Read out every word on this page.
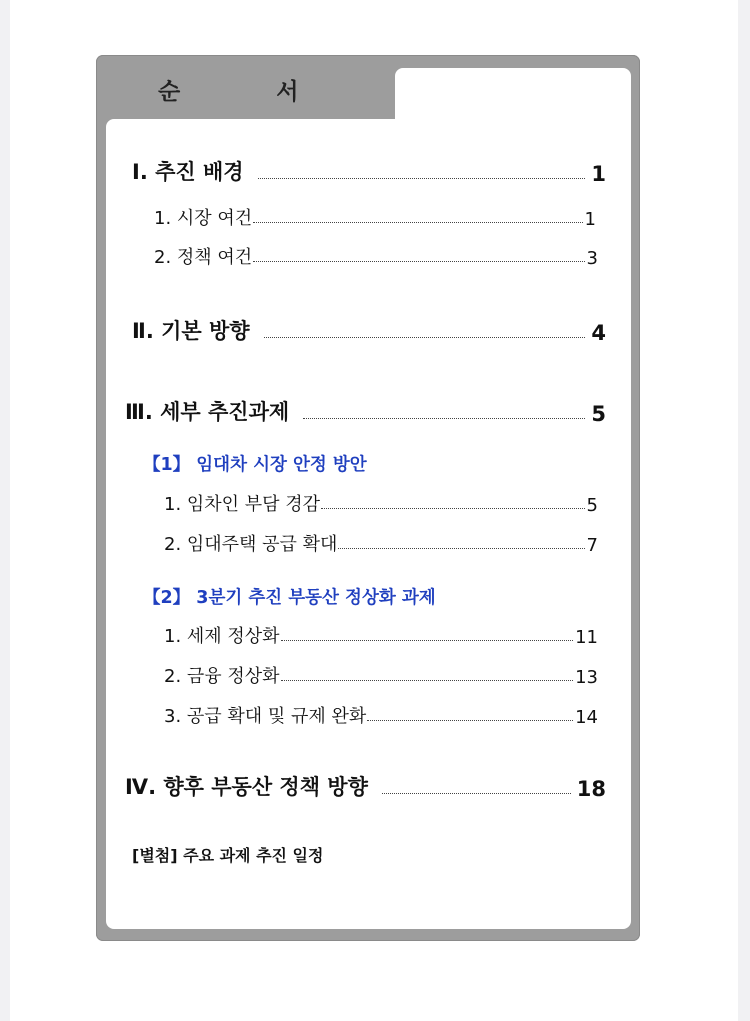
순 서
Ⅰ. 추진 배경	1
1. 시장 여건	1
2. 정책 여건	3
Ⅱ. 기본 방향	4
Ⅲ. 세부 추진과제	5
【1】 임대차 시장 안정 방안
1. 임차인 부담 경감	5
2. 임대주택 공급 확대	7
【2】 3분기 추진 부동산 정상화 과제
1. 세제 정상화	11
2. 금융 정상화	13
3. 공급 확대 및 규제 완화	14
Ⅳ. 향후 부동산 정책 방향	18
[별첨] 주요 과제 추진 일정
